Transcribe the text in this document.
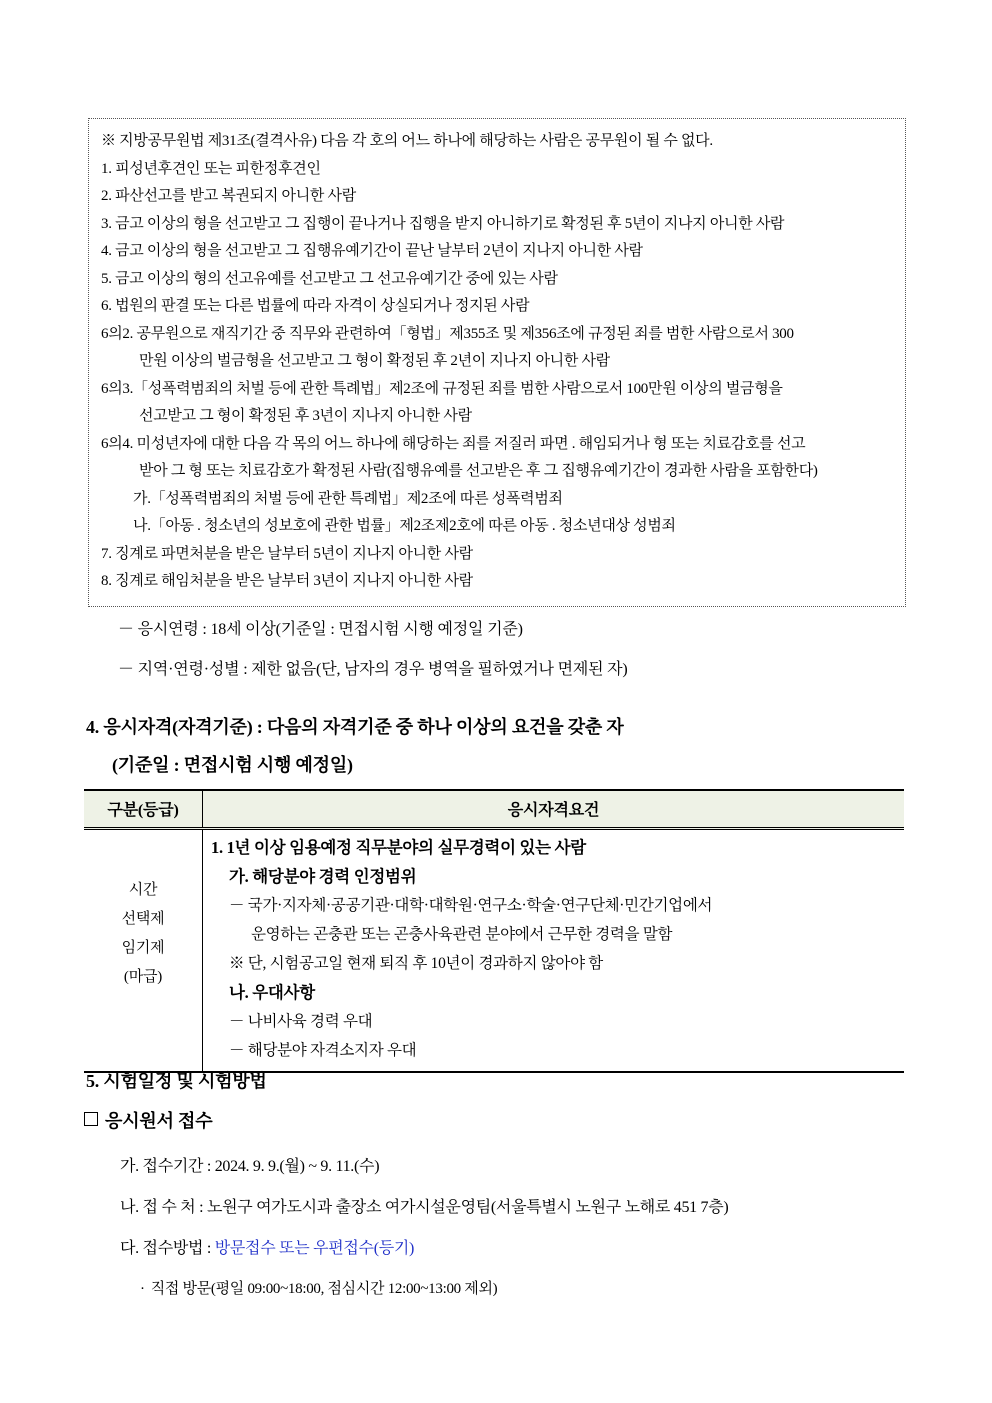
※ 지방공무원법 제31조(결격사유) 다음 각 호의 어느 하나에 해당하는 사람은 공무원이 될 수 없다.
1. 피성년후견인 또는 피한정후견인
2. 파산선고를 받고 복권되지 아니한 사람
3. 금고 이상의 형을 선고받고 그 집행이 끝나거나 집행을 받지 아니하기로 확정된 후 5년이 지나지 아니한 사람
4. 금고 이상의 형을 선고받고 그 집행유예기간이 끝난 날부터 2년이 지나지 아니한 사람
5. 금고 이상의 형의 선고유예를 선고받고 그 선고유예기간 중에 있는 사람
6. 법원의 판결 또는 다른 법률에 따라 자격이 상실되거나 정지된 사람
6의2. 공무원으로 재직기간 중 직무와 관련하여「형법」제355조 및 제356조에 규정된 죄를 범한 사람으로서 300
만원 이상의 벌금형을 선고받고 그 형이 확정된 후 2년이 지나지 아니한 사람
6의3.「성폭력범죄의 처벌 등에 관한 특례법」제2조에 규정된 죄를 범한 사람으로서 100만원 이상의 벌금형을
선고받고 그 형이 확정된 후 3년이 지나지 아니한 사람
6의4. 미성년자에 대한 다음 각 목의 어느 하나에 해당하는 죄를 저질러 파면 . 해임되거나 형 또는 치료감호를 선고
받아 그 형 또는 치료감호가 확정된 사람(집행유예를 선고받은 후 그 집행유예기간이 경과한 사람을 포함한다)
가.「성폭력범죄의 처벌 등에 관한 특례법」제2조에 따른 성폭력범죄
나.「아동 . 청소년의 성보호에 관한 법률」제2조제2호에 따른 아동 . 청소년대상 성범죄
7. 징계로 파면처분을 받은 날부터 5년이 지나지 아니한 사람
8. 징계로 해임처분을 받은 날부터 3년이 지나지 아니한 사람
－ 응시연령 : 18세 이상(기준일 : 면접시험 시행 예정일 기준)
－ 지역·연령·성별 : 제한 없음(단, 남자의 경우 병역을 필하였거나 면제된 자)
4. 응시자격(자격기준) : 다음의 자격기준 중 하나 이상의 요건을 갖춘 자
(기준일 : 면접시험 시행 예정일)
구분(등급)	응시자격요건

시간
선택제
임기제
(마급)

1. 1년 이상 임용예정 직무분야의 실무경력이 있는 사람
가. 해당분야 경력 인정범위
－ 국가·지자체·공공기관·대학·대학원·연구소·학술·연구단체·민간기업에서
운영하는 곤충관 또는 곤충사육관련 분야에서 근무한 경력을 말함
※ 단, 시험공고일 현재 퇴직 후 10년이 경과하지 않아야 함
나. 우대사항
－ 나비사육 경력 우대
－ 해당분야 자격소지자 우대
5. 시험일정 및 시험방법
응시원서 접수
가. 접수기간 : 2024. 9. 9.(월) ~ 9. 11.(수)
나. 접 수 처 : 노원구 여가도시과 출장소 여가시설운영팀(서울특별시 노원구 노해로 451 7층)
다. 접수방법 : 방문접수 또는 우편접수(등기)
· 직접 방문(평일 09:00~18:00, 점심시간 12:00~13:00 제외)
